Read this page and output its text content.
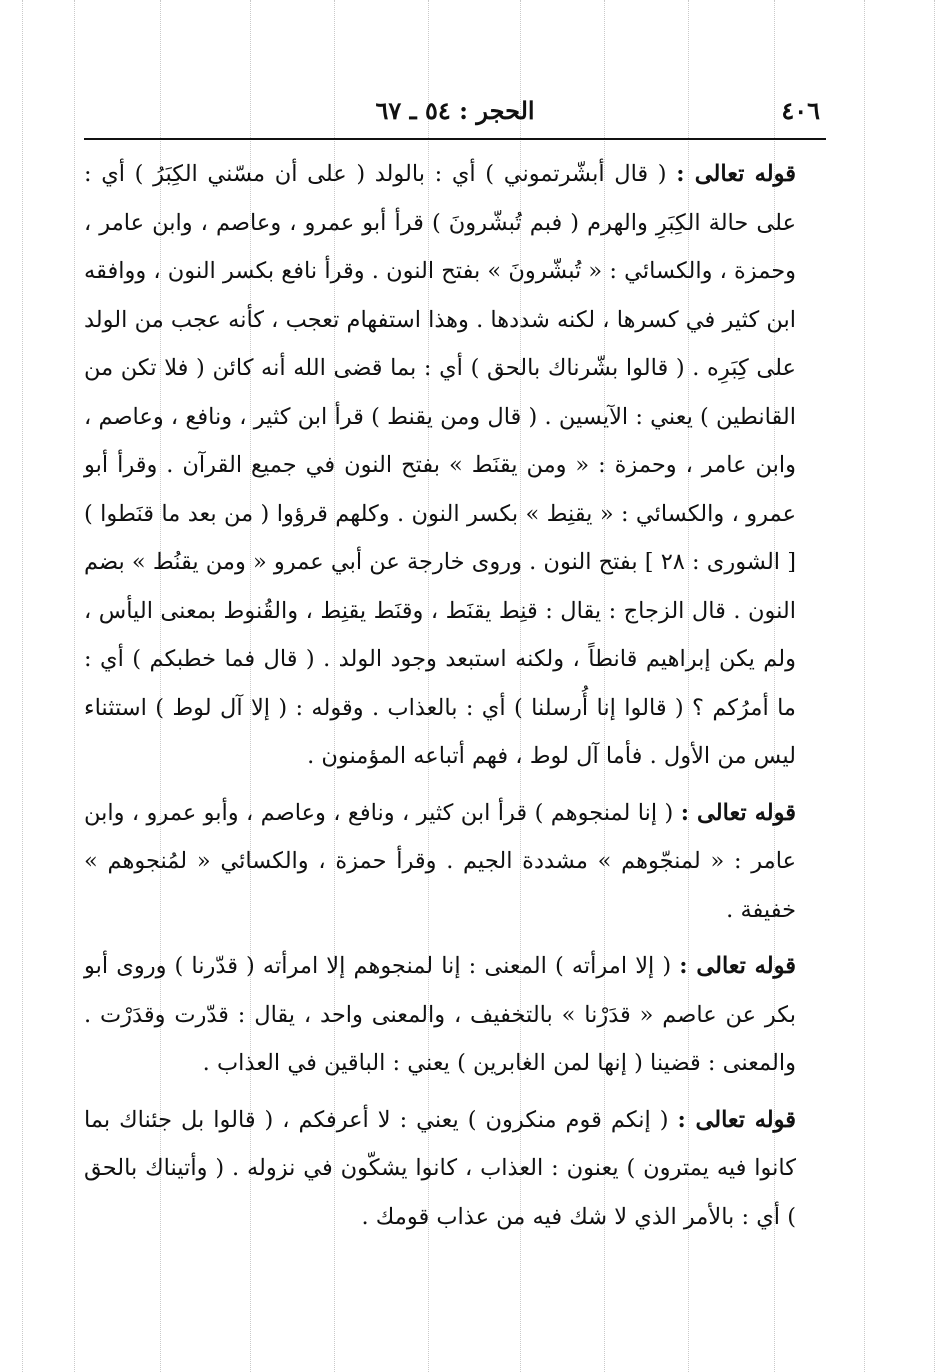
٤٠٦
الحجر : ٥٤ ـ ٦٧

قوله تعالى : ( قال أبشّرتموني ) أي : بالولد ( على أن مسّني الكِبَرُ ) أي : على حالة الكِبَرِ والهرم ( فبم تُبشّرونَ ) قرأ أبو عمرو ، وعاصم ، وابن عامر ، وحمزة ، والكسائي : « تُبشّرونَ » بفتح النون . وقرأ نافع بكسر النون ، ووافقه ابن كثير في كسرها ، لكنه شددها . وهذا استفهام تعجب ، كأنه عجب من الولد على كِبَرِه . ( قالوا بشّرناك بالحق ) أي : بما قضى الله أنه كائن ( فلا تكن من القانطين ) يعني : الآيسين . ( قال ومن يقنط ) قرأ ابن كثير ، ونافع ، وعاصم ، وابن عامر ، وحمزة : « ومن يقنَط » بفتح النون في جميع القرآن . وقرأ أبو عمرو ، والكسائي : « يقنِط » بكسر النون . وكلهم قرؤوا ( من بعد ما قنَطوا ) [ الشورى : ٢٨ ] بفتح النون . وروى خارجة عن أبي عمرو « ومن يقنُط » بضم النون . قال الزجاج : يقال : قنِط يقنَط ، وقنَط يقنِط ، والقُنوط بمعنى اليأس ، ولم يكن إبراهيم قانطاً ، ولكنه استبعد وجود الولد . ( قال فما خطبكم ) أي : ما أمرُكم ؟ ( قالوا إنا أُرسلنا ) أي : بالعذاب . وقوله : ( إلا آل لوط ) استثناء ليس من الأول . فأما آل لوط ، فهم أتباعه المؤمنون .

قوله تعالى : ( إنا لمنجوهم ) قرأ ابن كثير ، ونافع ، وعاصم ، وأبو عمرو ، وابن عامر : « لمنجّوهم » مشددة الجيم . وقرأ حمزة ، والكسائي « لمُنجوهم » خفيفة .

قوله تعالى : ( إلا امرأته ) المعنى : إنا لمنجوهم إلا امرأته ( قدّرنا ) وروى أبو بكر عن عاصم « قدَرْنا » بالتخفيف ، والمعنى واحد ، يقال : قدّرت وقدَرْت . والمعنى : قضينا ( إنها لمن الغابرين ) يعني : الباقين في العذاب .

قوله تعالى : ( إنكم قوم منكرون ) يعني : لا أعرفكم ، ( قالوا بل جئناك بما كانوا فيه يمترون ) يعنون : العذاب ، كانوا يشكّون في نزوله . ( وأتيناك بالحق ) أي : بالأمر الذي لا شك فيه من عذاب قومك .
